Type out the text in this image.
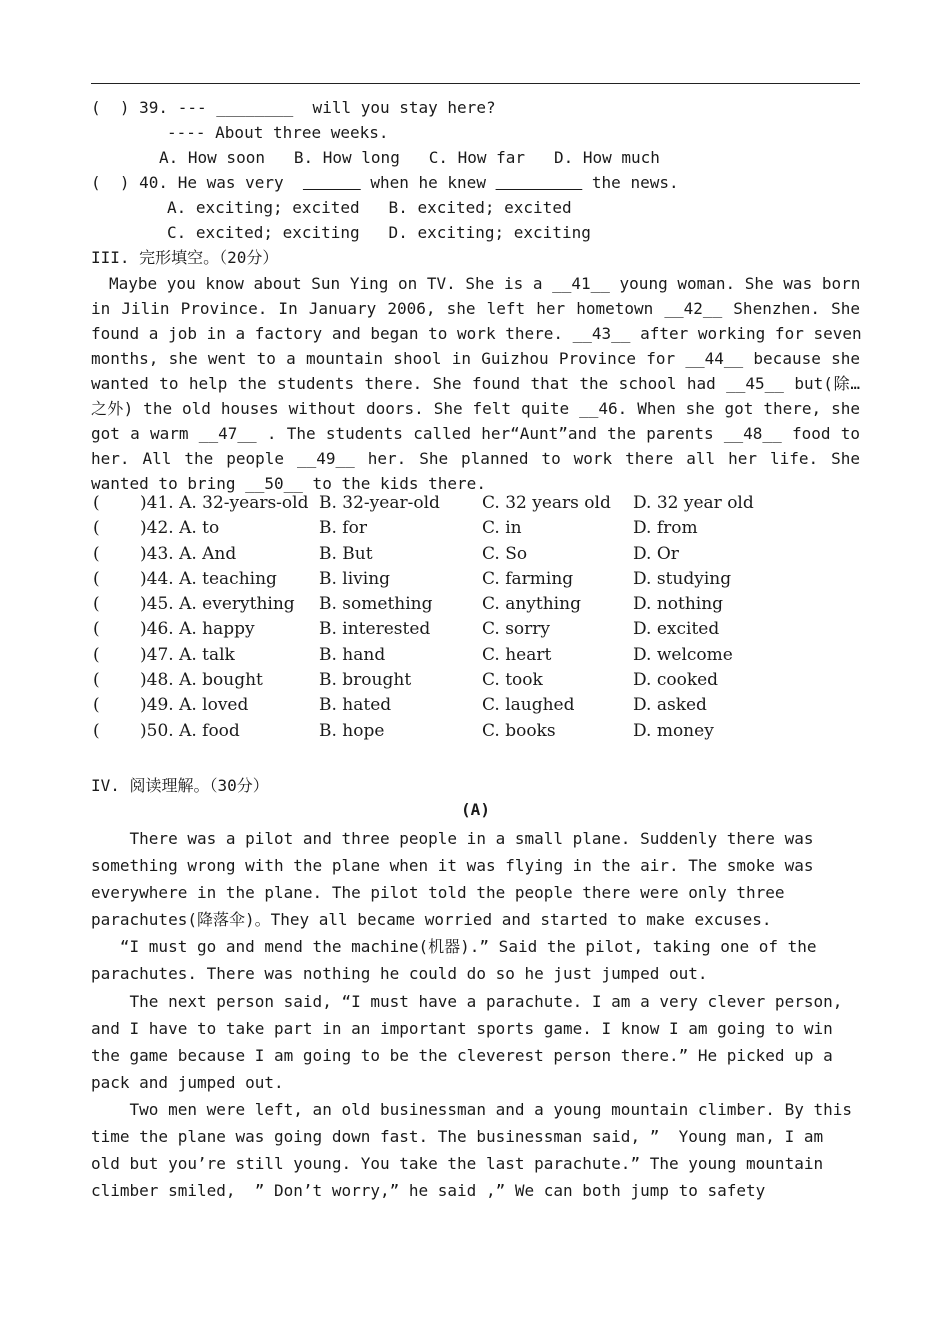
(  ) 39. --- ________  will you stay here?
---- About three weeks.
A. How soon   B. How long   C. How far   D. How much
(  ) 40. He was very	when he knew	the news.
A. exciting; excited   B. excited; excited
C. excited; exciting   D. exciting; exciting
III. 完形填空。（20分）
Maybe you know about Sun Ying on TV. She is a __41__ young woman. She was born
in Jilin Province. In January 2006, she left her hometown __42__ Shenzhen. She
found a job in a factory and began to work there. __43__ after working for seven
months, she went to a mountain shool in Guizhou Province for __44__ because she
wanted to help the students there. She found that the school had __45__ but(除…
之外) the old houses without doors. She felt quite __46. When she got there, she
got a warm __47__ . The students called her“Aunt”and the parents __48__ food to
her. All the people __49__ her. She planned to work there all her life. She
wanted to bring __50__ to the kids there.
( )41. A. 32-years-old B. 32-year-old C. 32 years old D. 32 year old
( )42. A. to	B. for	C. in	D. from
( )43. A. And	B. But	C. So	D. Or
( )44. A. teaching B. living	C. farming	D. studying
( )45. A. everything B. something	C. anything	D. nothing
( )46. A. happy	B. interested	C. sorry	D. excited
( )47. A. talk	B. hand	C. heart	D. welcome
( )48. A. bought	B. brought	C. took	D. cooked
( )49. A. loved	B. hated	C. laughed	D. asked
( )50. A. food	B. hope	C. books	D. money
IV. 阅读理解。（30分）
(A)
There was a pilot and three people in a small plane. Suddenly there was
something wrong with the plane when it was flying in the air. The smoke was
everywhere in the plane. The pilot told the people there were only three
parachutes(降落伞)。They all became worried and started to make excuses.
“I must go and mend the machine(机器).” Said the pilot, taking one of the
parachutes. There was nothing he could do so he just jumped out.
The next person said, “I must have a parachute. I am a very clever person,
and I have to take part in an important sports game. I know I am going to win
the game because I am going to be the cleverest person there.” He picked up a
pack and jumped out.
Two men were left, an old businessman and a young mountain climber. By this
time the plane was going down fast. The businessman said, ”  Young man, I am
old but you’re still young. You take the last parachute.” The young mountain
climber smiled,  ” Don’t worry,” he said ,” We can both jump to safety
